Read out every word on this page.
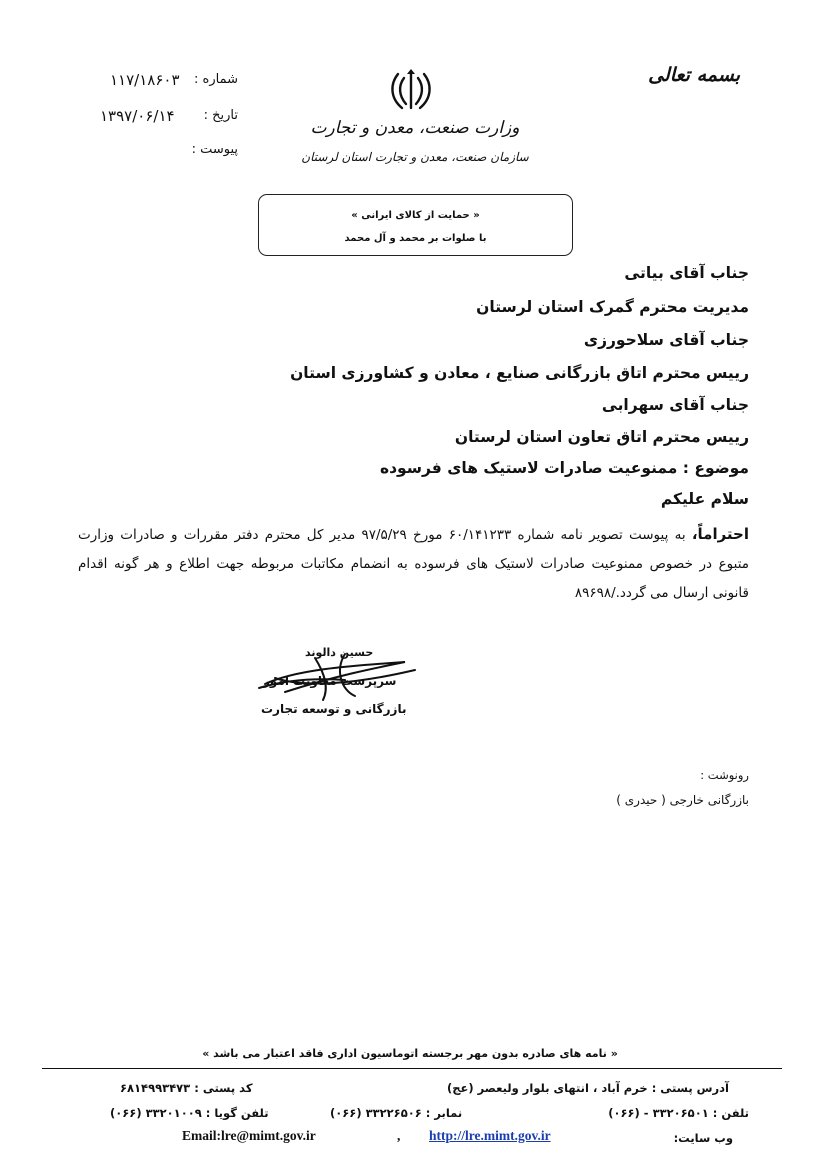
بسمه تعالی
شماره :
۱۱۷/۱۸۶۰۳
تاریخ :
۱۳۹۷/۰۶/۱۴
پیوست :
وزارت صنعت، معدن و تجارت
سازمان صنعت، معدن و تجارت استان لرستان
« حمایت از کالای ایرانی »
با صلوات بر محمد و آل محمد
جناب آقای بیاتی
مدیریت محترم گمرک استان لرستان
جناب آقای سلاحورزی
رییس محترم اتاق بازرگانی صنایع ، معادن و کشاورزی استان
جناب آقای سهرابی
رییس محترم اتاق تعاون استان لرستان
موضوع : ممنوعیت صادرات لاستیک های فرسوده
سلام علیکم
احتراماً، به پیوست تصویر نامه شماره ۶۰/۱۴۱۲۳۳ مورخ ۹۷/۵/۲۹ مدیر کل محترم دفتر مقررات و صادرات وزارت متبوع در خصوص ممنوعیت صادرات لاستیک های فرسوده به انضمام مکاتبات مربوطه جهت اطلاع و هر گونه اقدام قانونی ارسال می گردد./۸۹۶۹۸
حسین دالوند
سرپرست معاونت امور
بازرگانی و توسعه تجارت
رونوشت :
بازرگانی خارجی ( حیدری )
« نامه های صادره بدون مهر برجسته اتوماسیون اداری فاقد اعتبار می باشد »
آدرس پستی : خرم آباد ، انتهای بلوار ولیعصر (عج)
کد پستی : ۶۸۱۴۹۹۳۴۷۳
تلفن : ۳۳۲۰۶۵۰۱ - (۰۶۶)
نمابر : ۳۳۲۲۶۵۰۶ (۰۶۶)
تلفن گویا : ۳۳۲۰۱۰۰۹ (۰۶۶)
وب سایت:
http://lre.mimt.gov.ir
,
Email:lre@mimt.gov.ir
